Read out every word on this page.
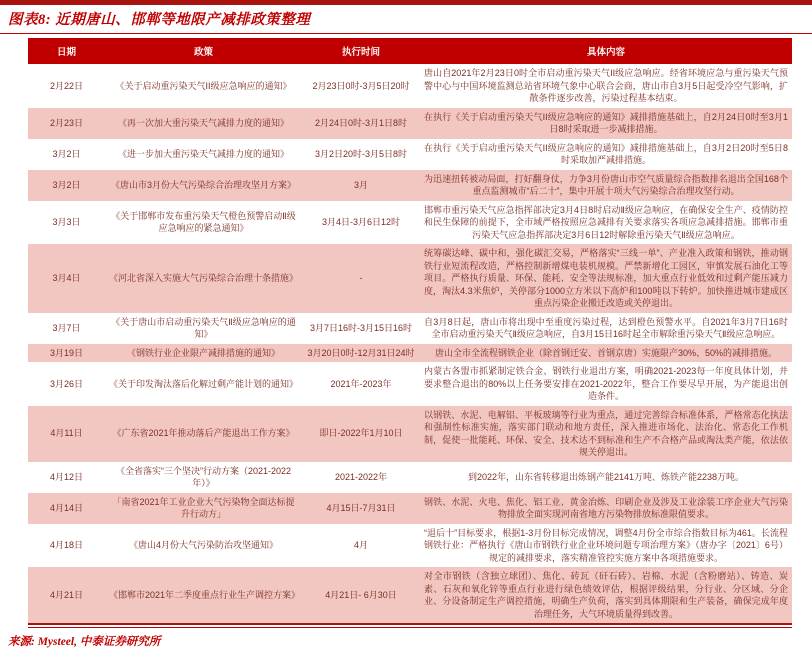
图表8: 近期唐山、邯郸等地限产减排政策整理
日期	政策	执行时间	具体内容
2月22日	《关于启动重污染天气II级应急响应的通知》	2月23日0时-3月5日20时	唐山自2021年2月23日0时全市启动重污染天气II级应急响应。经省环境应急与重污染天气预警中心与中国环境监测总站省环境气象中心联合会商，唐山市自3月5日起受冷空气影响，扩散条件逐步改善，污染过程基本结束。
2月23日	《再一次加大重污染天气减排力度的通知》	2月24日0时-3月1日8时	在执行《关于启动重污染天气II级应急响应的通知》减排措施基础上，自2月24日0时至3月1日8时采取进一步减排措施。
3月2日	《进一步加大重污染天气减排力度的通知》	3月2日20时-3月5日8时	在执行《关于启动重污染天气II级应急响应的通知》减排措施基础上，自3月2日20时至5日8时采取加严减排措施。
3月2日	《唐山市3月份大气污染综合治理攻坚月方案》	3月	为迅速扭转被动局面，打好翻身仗，力争3月份唐山市空气质量综合指数排名退出全国168个重点监测城市“后二十”，集中开展十项大气污染综合治理攻坚行动。
3月3日	《关于邯郸市发布重污染天气橙色预警启动Ⅱ级应急响应的紧急通知》	3月4日-3月6日12时	邯郸市重污染天气应急指挥部决定3月4日8时启动Ⅱ级应急响应，在确保安全生产、疫情防控和民生保障的前提下，全市域严格按照应急减排有关要求落实各项应急减排措施。邯郸市重污染天气应急指挥部决定3月6日12时解除重污染天气Ⅱ级应急响应。
3月4日	《河北省深入实施大气污染综合治理十条措施》	-	统筹碳达峰、碳中和，强化碳汇交易，严格落实“三线一单”、产业准入政策和钢铁，推动钢铁行业短流程改造，严格控制新增煤电装机规模。严禁新增化工园区，审慎发展石油化工等项目。严格执行质量、环保、能耗、安全等法规标准，加大重点行业低效和过剩产能压减力度，淘汰4.3米焦炉，关停部分1000立方米以下高炉和100吨以下转炉。加快推进城市建成区重点污染企业搬迁改造或关停退出。
3月7日	《关于唐山市启动重污染天气Ⅱ级应急响应的通知》	3月7日16时-3月15日16时	自3月8日起，唐山市将出现中至重度污染过程，达到橙色预警水平。自2021年3月7日16时全市启动重污染天气Ⅱ级应急响应，自3月15日16时起全市解除重污染天气Ⅱ级应急响应。
3月19日	《钢铁行业企业限产减排措施的通知》	3月20日0时-12月31日24时	唐山全市全流程钢铁企业（除首钢迁安、首钢京唐）实施限产30%、50%的减排措施。
3月26日	《关于印发淘汰落后化解过剩产能计划的通知》	2021年-2023年	内蒙古各盟市抓紧制定铁合金、钢铁行业退出方案，明确2021-2023每一年度具体计划，并要求整合退出的80%以上任务要安排在2021-2022年，整合工作要尽早开展，为产能退出创造条件。
4月11日	《广东省2021年推动落后产能退出工作方案》	即日-2022年1月10日	以钢铁、水泥、电解铝、平板玻璃等行业为重点，通过完善综合标准体系，严格常态化执法和强制性标准实施，落实部门联动和地方责任，深入推进市场化、法治化、常态化工作机制，促使一批能耗、环保、安全、技术达不到标准和生产不合格产品或淘汰类产能，依法依规关停退出。
4月12日	《全省落实“三个坚决”行动方案（2021-2022 年）》	2021-2022年	到2022年，山东省转移退出炼钢产能2141万吨、炼铁产能2238万吨。
4月14日	「南省2021年工业企业大气污染物全面达标提升行动方」	4月15日-7月31日	钢铁、水泥、火电、焦化、铝工业、黄金冶炼、印刷企业及涉及工业涂装工序企业大气污染物排放全面实现河南省地方污染物排放标准限值要求。
4月18日	《唐山4月份大气污染防治攻坚通知》	4月	“退后十”目标要求，根据1-3月份目标完成情况，调整4月份全市综合指数目标为461。长流程钢铁行业：严格执行《唐山市钢铁行业企业环境问题专项治理方案》（唐办字〔2021〕6号）规定的减排要求，落实精准管控实施方案中各项措施要求。
4月21日	《邯郸市2021年二季度重点行业生产调控方案》	4月21日- 6月30日	对全市钢铁（含独立球团）、焦化、砖瓦（矸石砖）、岩棉、水泥（含粉磨站）、铸造、炭素、石灰和氧化锌等重点行业进行绿色绩效评估，根据评级结果，分行业、分区域、分企业、分设备制定生产调控措施，明确生产负荷，落实到具体期限和生产装备，确保完成年度治理任务，大气环境质量得到改善。
来源: Mysteel, 中泰证券研究所
